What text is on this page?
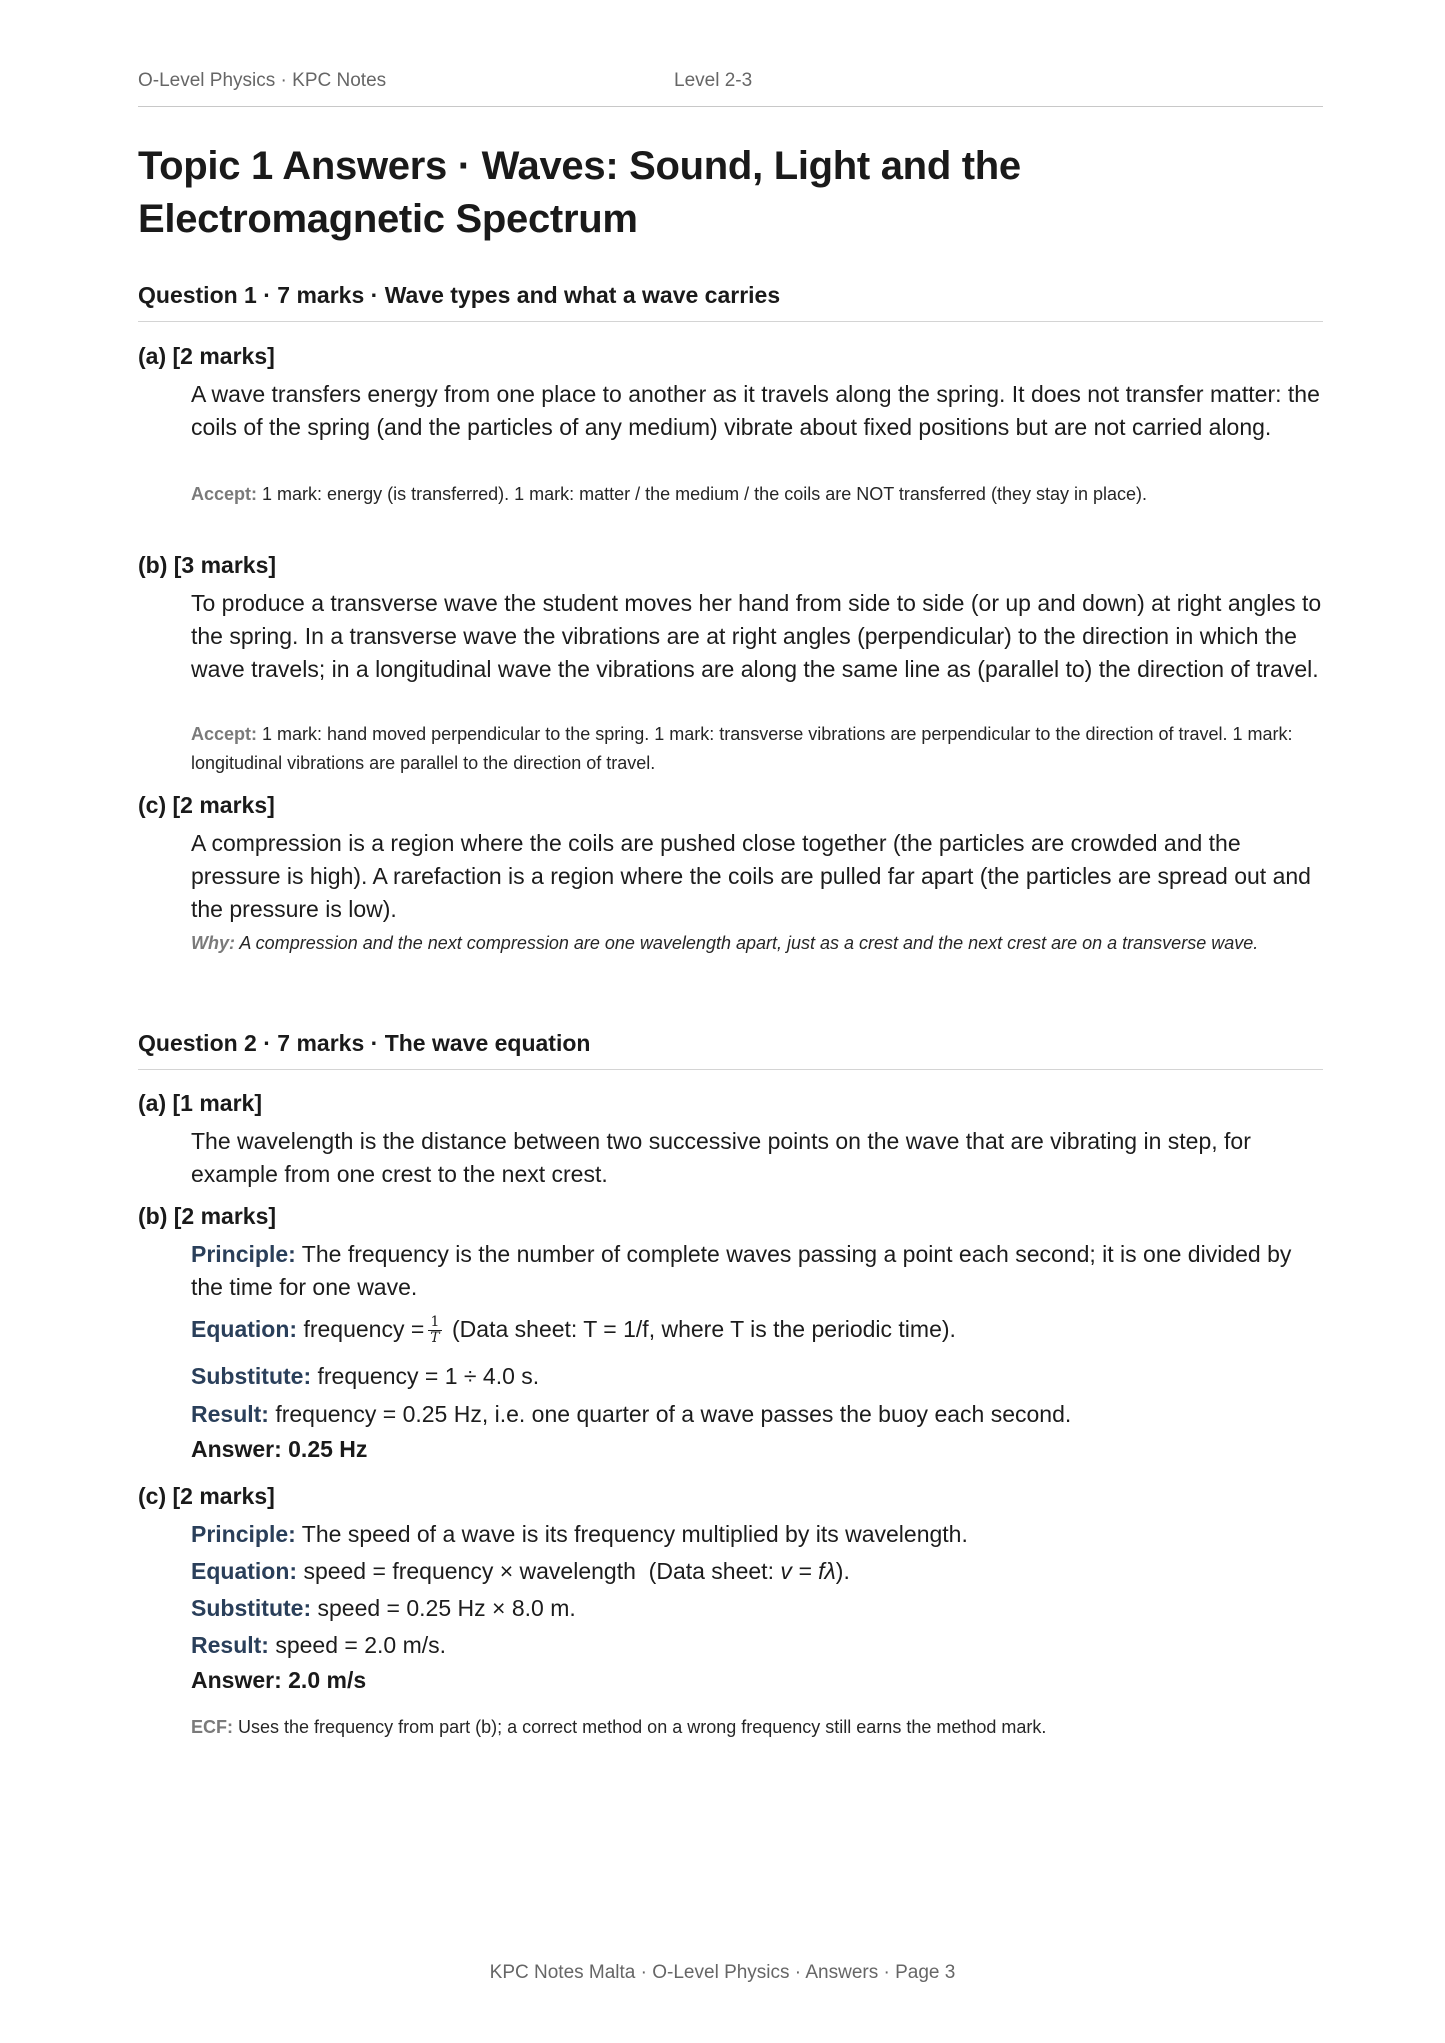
O-Level Physics · KPC Notes	Level 2-3
Topic 1 Answers · Waves: Sound, Light and the Electromagnetic Spectrum
Question 1 · 7 marks · Wave types and what a wave carries
(a) [2 marks]

A wave transfers energy from one place to another as it travels along the spring. It does not transfer matter: the coils of the spring (and the particles of any medium) vibrate about fixed positions but are not carried along.

Accept: 1 mark: energy (is transferred). 1 mark: matter / the medium / the coils are NOT transferred (they stay in place).

(b) [3 marks]

To produce a transverse wave the student moves her hand from side to side (or up and down) at right angles to the spring. In a transverse wave the vibrations are at right angles (perpendicular) to the direction in which the wave travels; in a longitudinal wave the vibrations are along the same line as (parallel to) the direction of travel.

Accept: 1 mark: hand moved perpendicular to the spring. 1 mark: transverse vibrations are perpendicular to the direction of travel. 1 mark: longitudinal vibrations are parallel to the direction of travel.

(c) [2 marks]

A compression is a region where the coils are pushed close together (the particles are crowded and the pressure is high). A rarefaction is a region where the coils are pulled far apart (the particles are spread out and the pressure is low).

Why: A compression and the next compression are one wavelength apart, just as a crest and the next crest are on a transverse wave.

Question 2 · 7 marks · The wave equation
(a) [1 mark]

The wavelength is the distance between two successive points on the wave that are vibrating in step, for example from one crest to the next crest.

(b) [2 marks]

Principle: The frequency is the number of complete waves passing a point each second; it is one divided by the time for one wave.

Equation: frequency = $\frac{1}{T}$ (Data sheet: T = 1/f, where T is the periodic time).

Substitute: frequency = 1 ÷ 4.0 s.

Result: frequency = 0.25 Hz, i.e. one quarter of a wave passes the buoy each second.

Answer: 0.25 Hz

(c) [2 marks]

Principle: The speed of a wave is its frequency multiplied by its wavelength.

Equation: speed = frequency × wavelength  (Data sheet: v = fλ).

Substitute: speed = 0.25 Hz × 8.0 m.

Result: speed = 2.0 m/s.

Answer: 2.0 m/s

ECF: Uses the frequency from part (b); a correct method on a wrong frequency still earns the method mark.

KPC Notes Malta · O-Level Physics · Answers · Page 3
